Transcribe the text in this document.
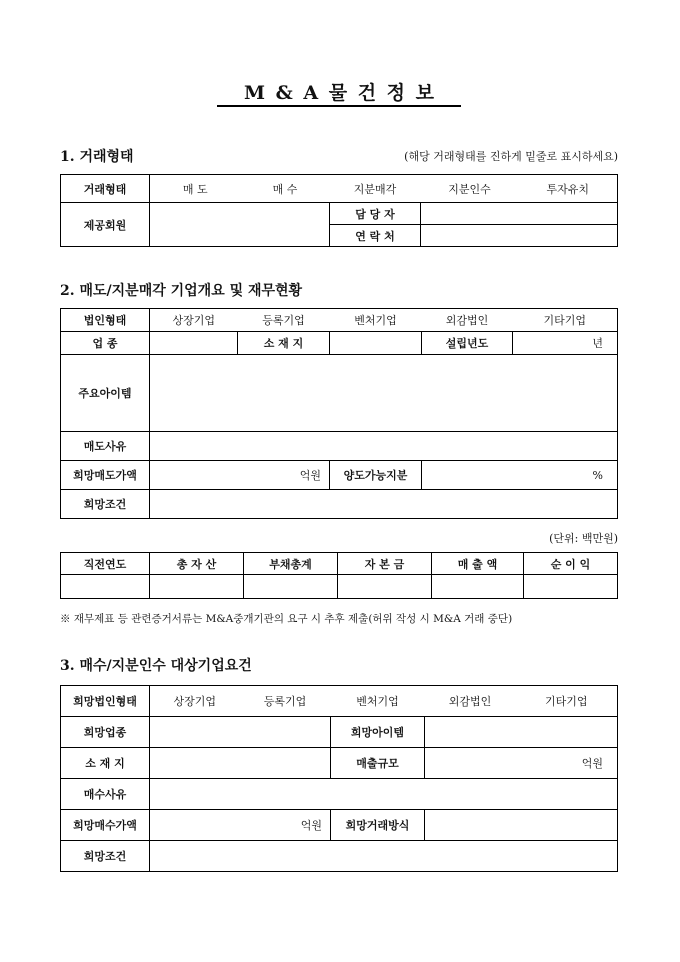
M & A 물 건 정 보
1. 거래형태	(해당 거래형태를 진하게 밑줄로 표시하세요)
거래형태	매 도	매 수	지분매각	지분인수	투자유치
제공회원			담 당 자		
			연 락 처		
2. 매도/지분매각 기업개요 및 재무현황
법인형태	상장기업	등록기업	벤처기업	외감법인	기타기업
업 종		소 재 지		설립년도	년
주요아이템					
매도사유					
희망매도가액	억원		양도가능지분	%	
희망조건					
(단위: 백만원)
직전연도	총 자 산	부채총계	자 본 금	매 출 액	순 이 익

※ 재무제표 등 관련증거서류는 M&A중개기관의 요구 시 추후 제출(허위 작성 시 M&A 거래 중단)
3. 매수/지분인수 대상기업요건
희망법인형태	상장기업	등록기업	벤처기업	외감법인	기타기업
희망업종			희망아이템		
소 재 지			매출규모	억원	
매수사유					
희망매수가액	억원		희망거래방식		
희망조건					
